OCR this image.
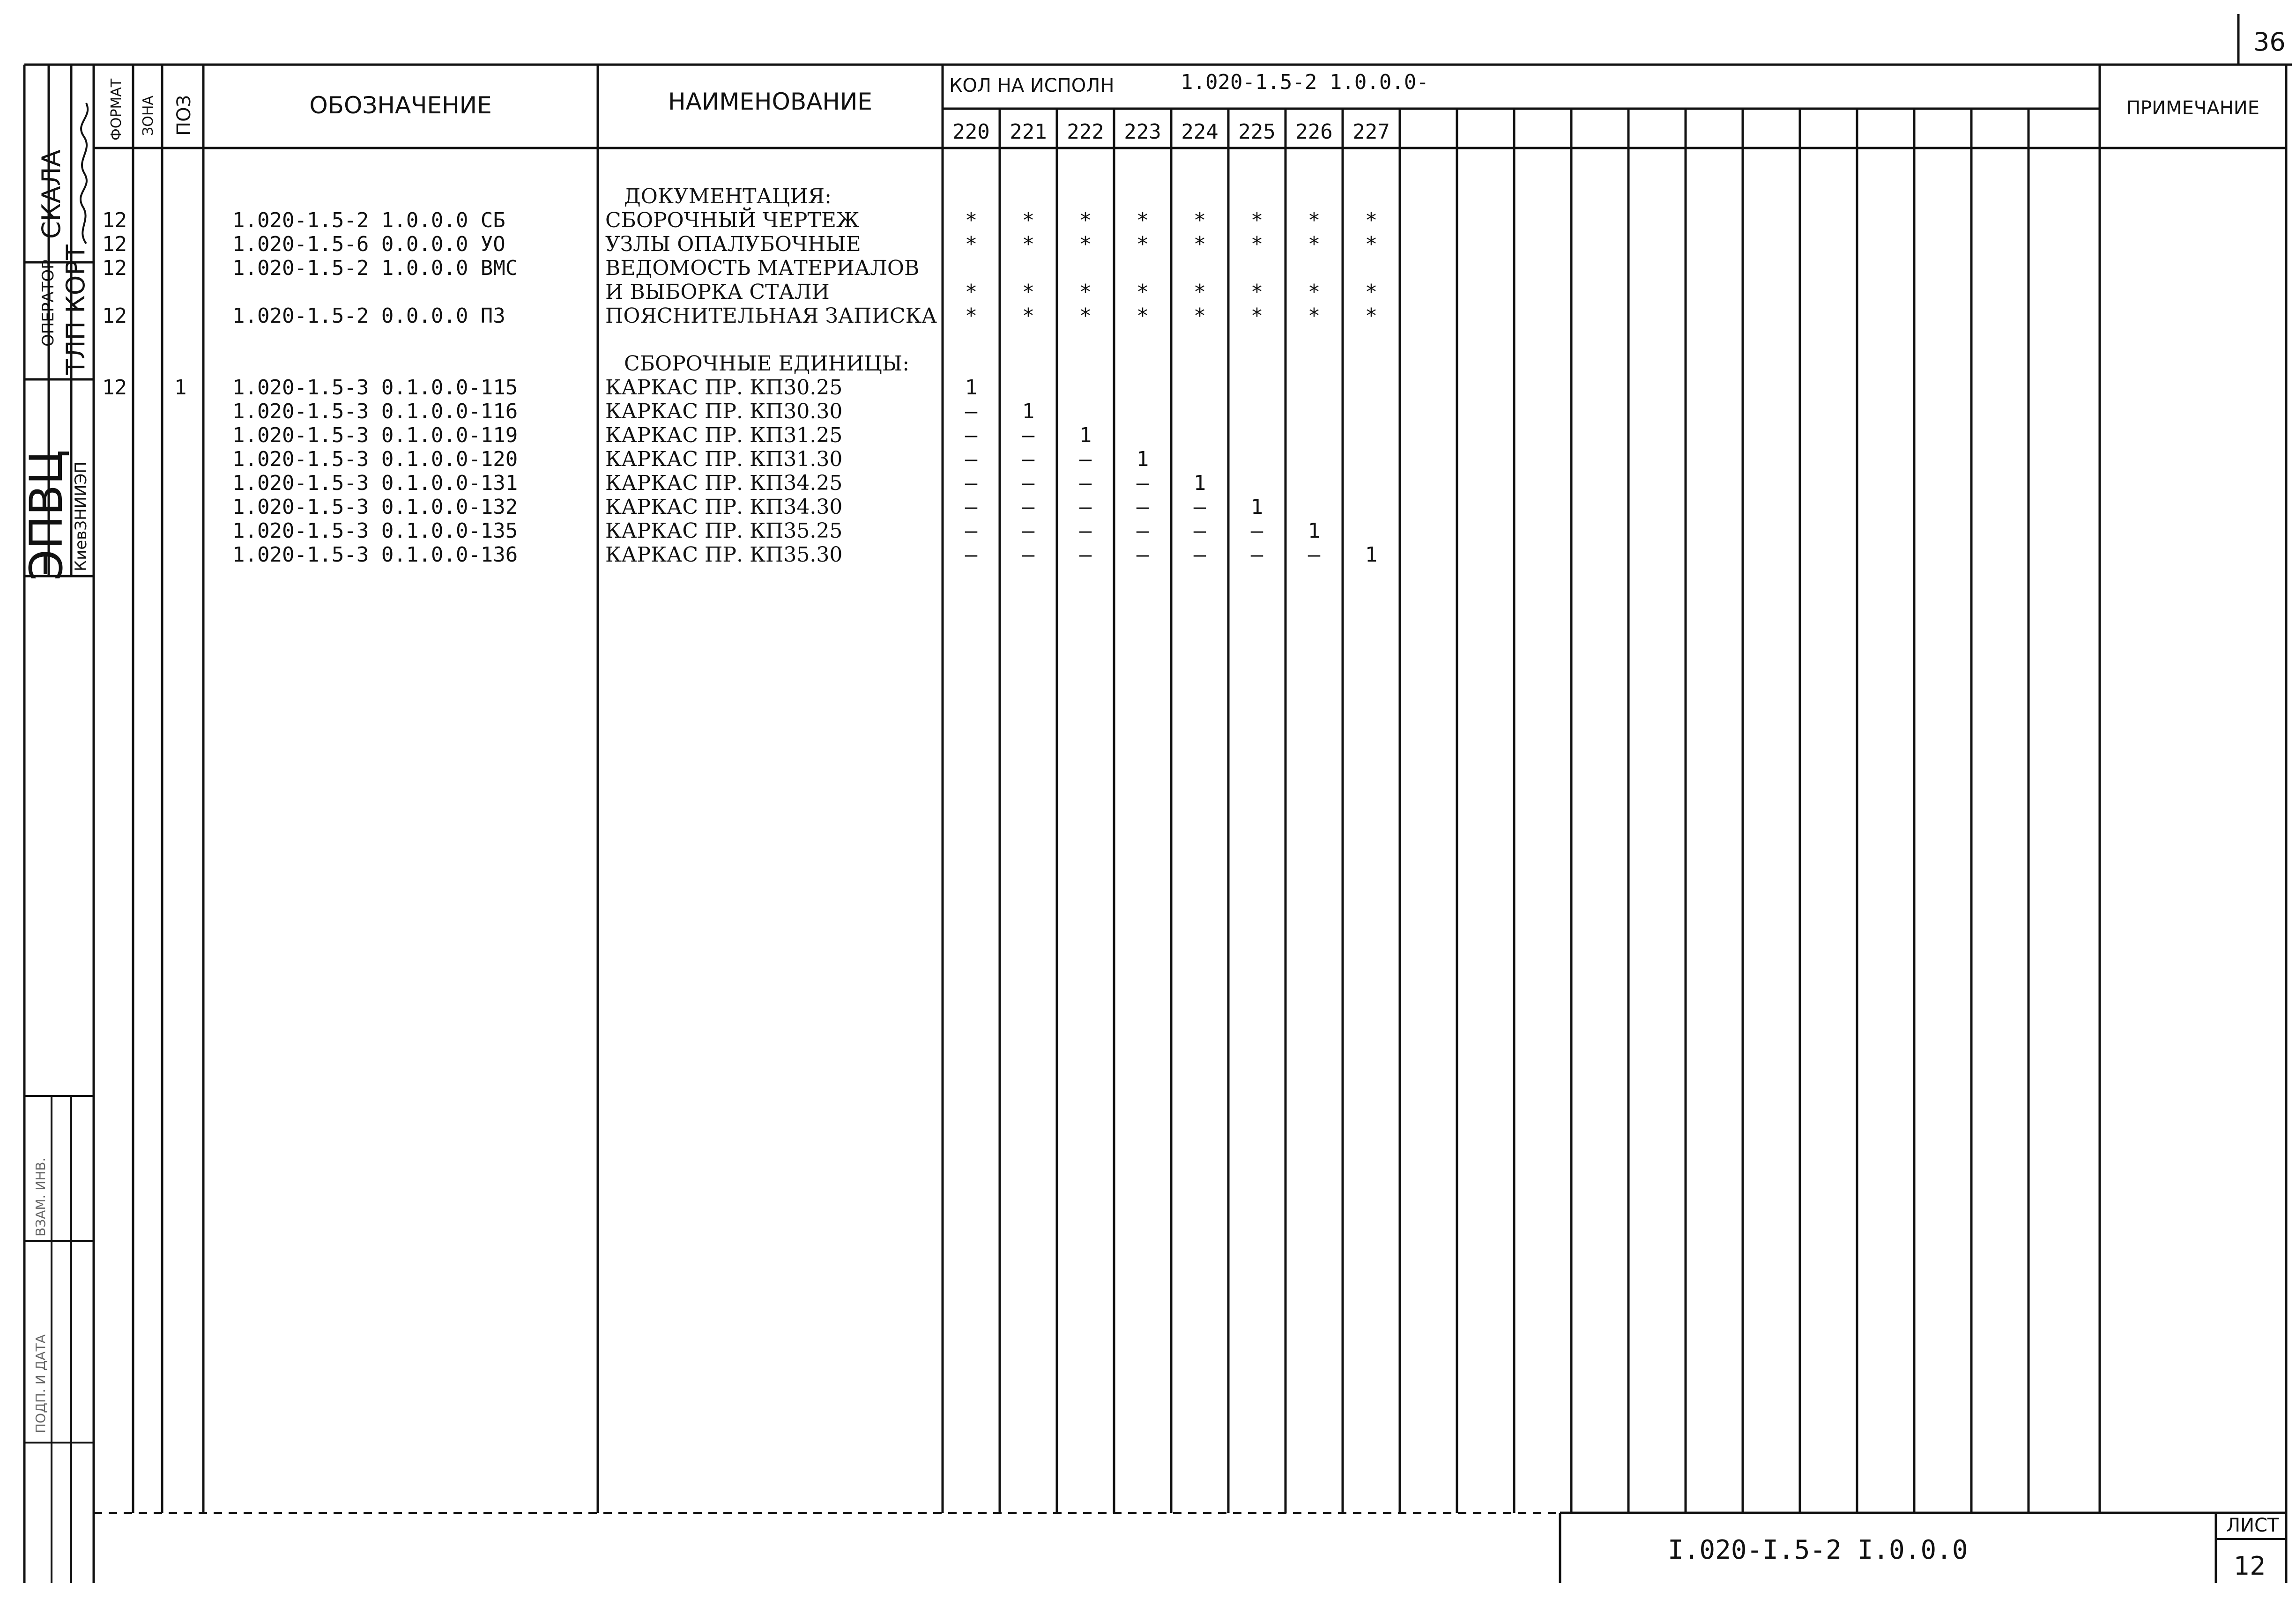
36
ЛИСТ
12
I.020-I.5-2 I.0.0.0
ЭПВЦ
КиевЗНИИЭП
ТЛП КОРТ
ОПЕРАТОР
СКАЛА
ВЗАМ. ИНВ.
ПОДП. И ДАТА
ФОРМАТ ЗОНА ПОЗ	ОБОЗНАЧЕНИЕ	НАИМЕНОВАНИЕ
КОЛ НА ИСПОЛН	1.020-1.5-2 1.0.0.0-
ПРИМЕЧАНИЕ
220 221 222 223 224 225 226 227
ДОКУМЕНТАЦИЯ:
12	1.020-1.5-2 1.0.0.0 СБ	СБОРОЧНЫЙ ЧЕРТЕЖ	* * * * * * * *
12	1.020-1.5-6 0.0.0.0 УО	УЗЛЫ ОПАЛУБОЧНЫЕ	* * * * * * * *
12	1.020-1.5-2 1.0.0.0 ВМС	ВЕДОМОСТЬ МАТЕРИАЛОВ
И ВЫБОРКА СТАЛИ	* * * * * * * *
12	1.020-1.5-2 0.0.0.0 ПЗ	ПОЯСНИТЕЛЬНАЯ ЗАПИСКА * * * * * * * *
СБОРОЧНЫЕ ЕДИНИЦЫ:
12 1 1.020-1.5-3 0.1.0.0-115	КАРКАС ПР. КП30.25	1
1.020-1.5-3 0.1.0.0-116	КАРКАС ПР. КП30.30	– 1
1.020-1.5-3 0.1.0.0-119	КАРКАС ПР. КП31.25	– – 1
1.020-1.5-3 0.1.0.0-120	КАРКАС ПР. КП31.30	– – – 1
1.020-1.5-3 0.1.0.0-131	КАРКАС ПР. КП34.25	– – – – 1
1.020-1.5-3 0.1.0.0-132	КАРКАС ПР. КП34.30	– – – – – 1
1.020-1.5-3 0.1.0.0-135	КАРКАС ПР. КП35.25	– – – – – – 1
1.020-1.5-3 0.1.0.0-136	КАРКАС ПР. КП35.30	– – – – – – – 1
